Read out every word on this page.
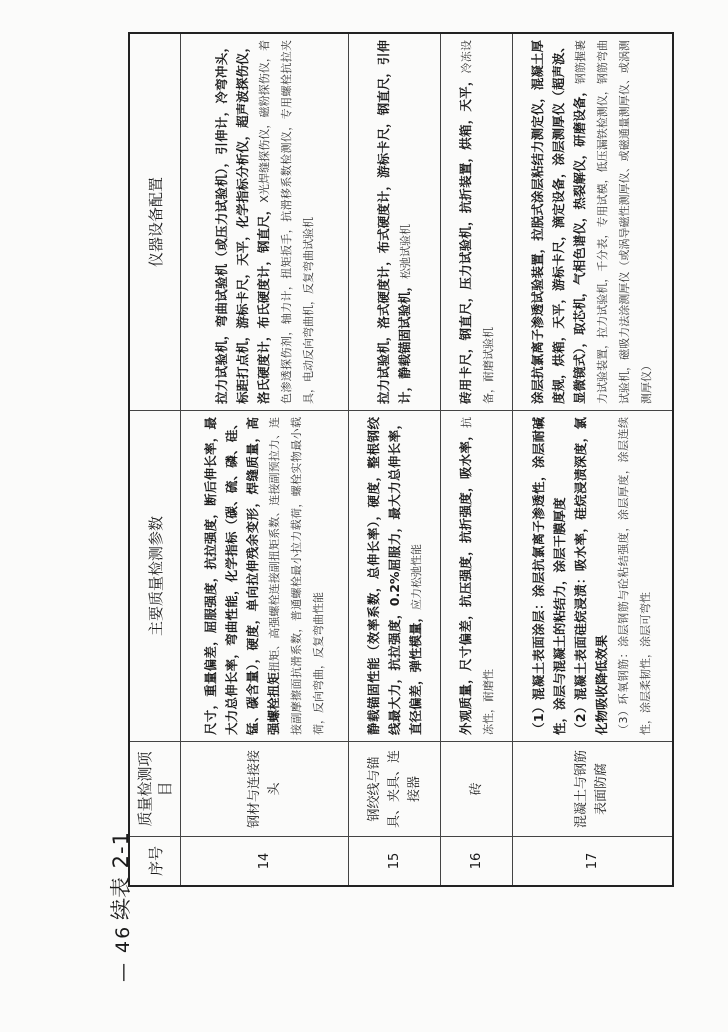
— 46 —
续表 2-1 序号	质量检测项目	主要质量检测参数	仪器设备配置
14	钢材与连接接头	尺寸，重量偏差，屈服强度，抗拉强度，断后伸长率，最大力总伸长率，弯曲性能，化学指标（碳、硫、磷、硅、锰、碳含量），硬度，单向拉伸残余变形，焊缝质量，高强螺栓扭矩扭矩、高强螺栓连接副扭矩系数、连接副预拉力、连接副摩擦面抗滑系数，普通螺栓最小拉力载荷，螺栓实物最小载荷，反向弯曲，反复弯曲性能	拉力试验机，弯曲试验机（或压力试验机），引伸计，冷弯冲头，标距打点机，游标卡尺，天平，化学指标分析仪，超声波探伤仪，洛氏硬度计，布氏硬度计，钢直尺，X光焊缝探伤仪，磁粉探伤仪，着色渗透探伤剂，轴力计，扭矩扳手，抗滑移系数检测仪，专用螺栓抗拉夹具，电动反向弯曲机，反复弯曲试验机
15	钢绞线与锚具、夹具、连接器	静载锚固性能（效率系数，总伸长率），硬度，整根钢绞线最大力，抗拉强度，0.2%屈服力，最大力总伸长率，直径偏差，弹性模量，应力松弛性能	拉力试验机，洛式硬度计，布式硬度计，游标卡尺，钢直尺，引伸计，静载锚固试验机，松弛试验机
16	砖	外观质量，尺寸偏差，抗压强度，抗折强度，吸水率，抗冻性，耐磨性	砖用卡尺，钢直尺，压力试验机，抗折装置，烘箱，天平，冷冻设备，耐磨试验机
17	混凝土与钢筋表面防腐	（1）混凝土表面涂层：涂层抗氯离子渗透性，涂层耐碱性，涂层与混凝土的粘结力，涂层干膜厚度
（2）混凝土表面硅烷浸渍：吸水率，硅烷浸渍深度，氯化物吸收降低效果 （3）环氧钢筋：涂层钢筋与砼粘结强度，涂层厚度，涂层连续性，涂层柔韧性，涂层可弯性	涂层抗氯离子渗透试验装置，拉脱式涂层粘结力测定仪，混凝土厚度规，烘箱，天平，游标卡尺，滴定设备，涂层测厚仪（超声波、显微镜式），取芯机，气相色谱仪，热裂解仪，研磨设备，钢筋握裹力试验装置，拉力试验机，千分表，专用试模，低压漏铁检测仪，钢筋弯曲试验机，磁吸力法涂测厚仪（或涡导磁性测厚仪、或磁通量测厚仪、或涡测测厚仪）
